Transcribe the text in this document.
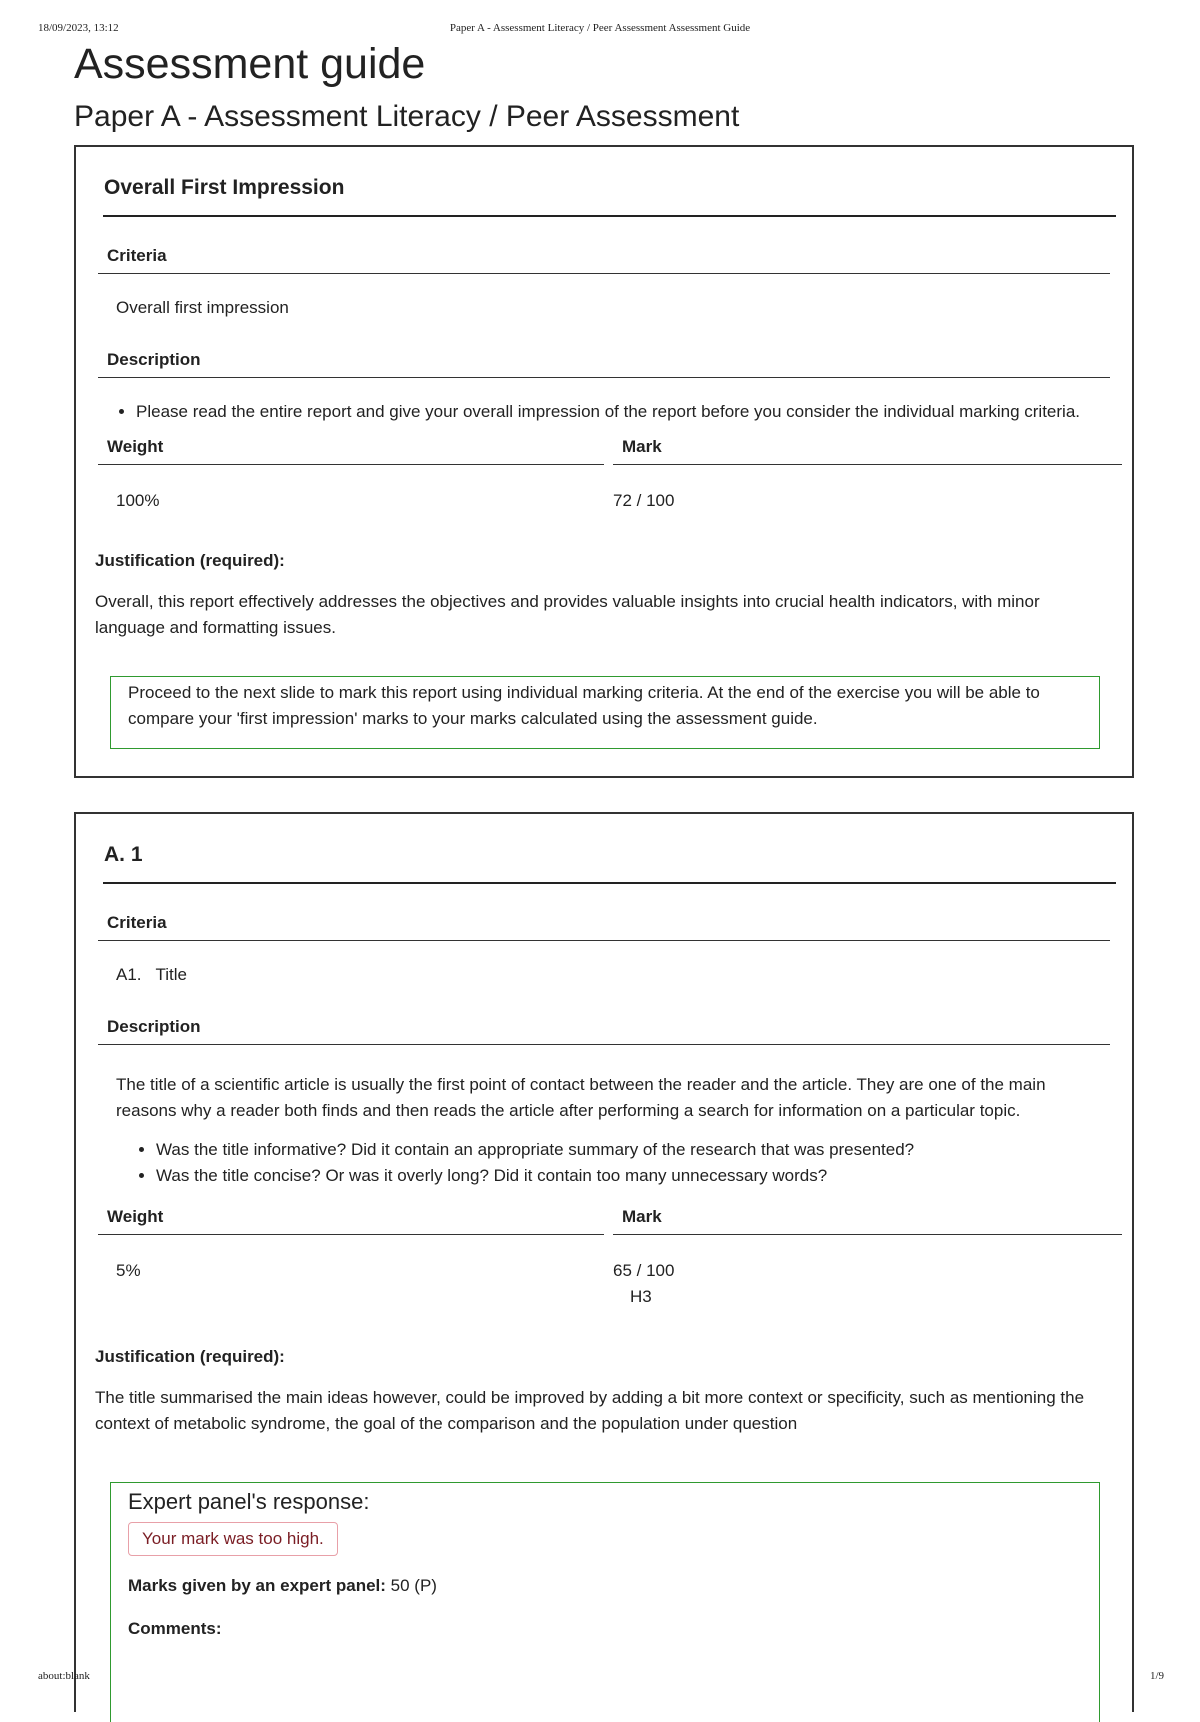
18/09/2023, 13:12	Paper A - Assessment Literacy / Peer Assessment Assessment Guide
Assessment guide
Paper A - Assessment Literacy / Peer Assessment
Overall First Impression
Criteria

Overall first impression

Description
• Please read the entire report and give your overall impression of the report before you consider the individual marking criteria.
Weight	Mark

100%	72 / 100

Justification (required):

Overall, this report effectively addresses the objectives and provides valuable insights into crucial health indicators, with minor language and formatting issues.

Proceed to the next slide to mark this report using individual marking criteria. At the end of the exercise you will be able to compare your 'first impression' marks to your marks calculated using the assessment guide.

A. 1
Criteria

A1. Title

Description

The title of a scientific article is usually the first point of contact between the reader and the article. They are one of the main reasons why a reader both finds and then reads the article after performing a search for information on a particular topic.

• Was the title informative? Did it contain an appropriate summary of the research that was presented?
• Was the title concise? Or was it overly long? Did it contain too many unnecessary words?
Weight	Mark

5%	65 / 100

H3

Justification (required):

The title summarised the main ideas however, could be improved by adding a bit more context or specificity, such as mentioning the context of metabolic syndrome, the goal of the comparison and the population under question

Expert panel's response:

Your mark was too high.

Marks given by an expert panel: 50 (P)

Comments:

about:blank	1/9
